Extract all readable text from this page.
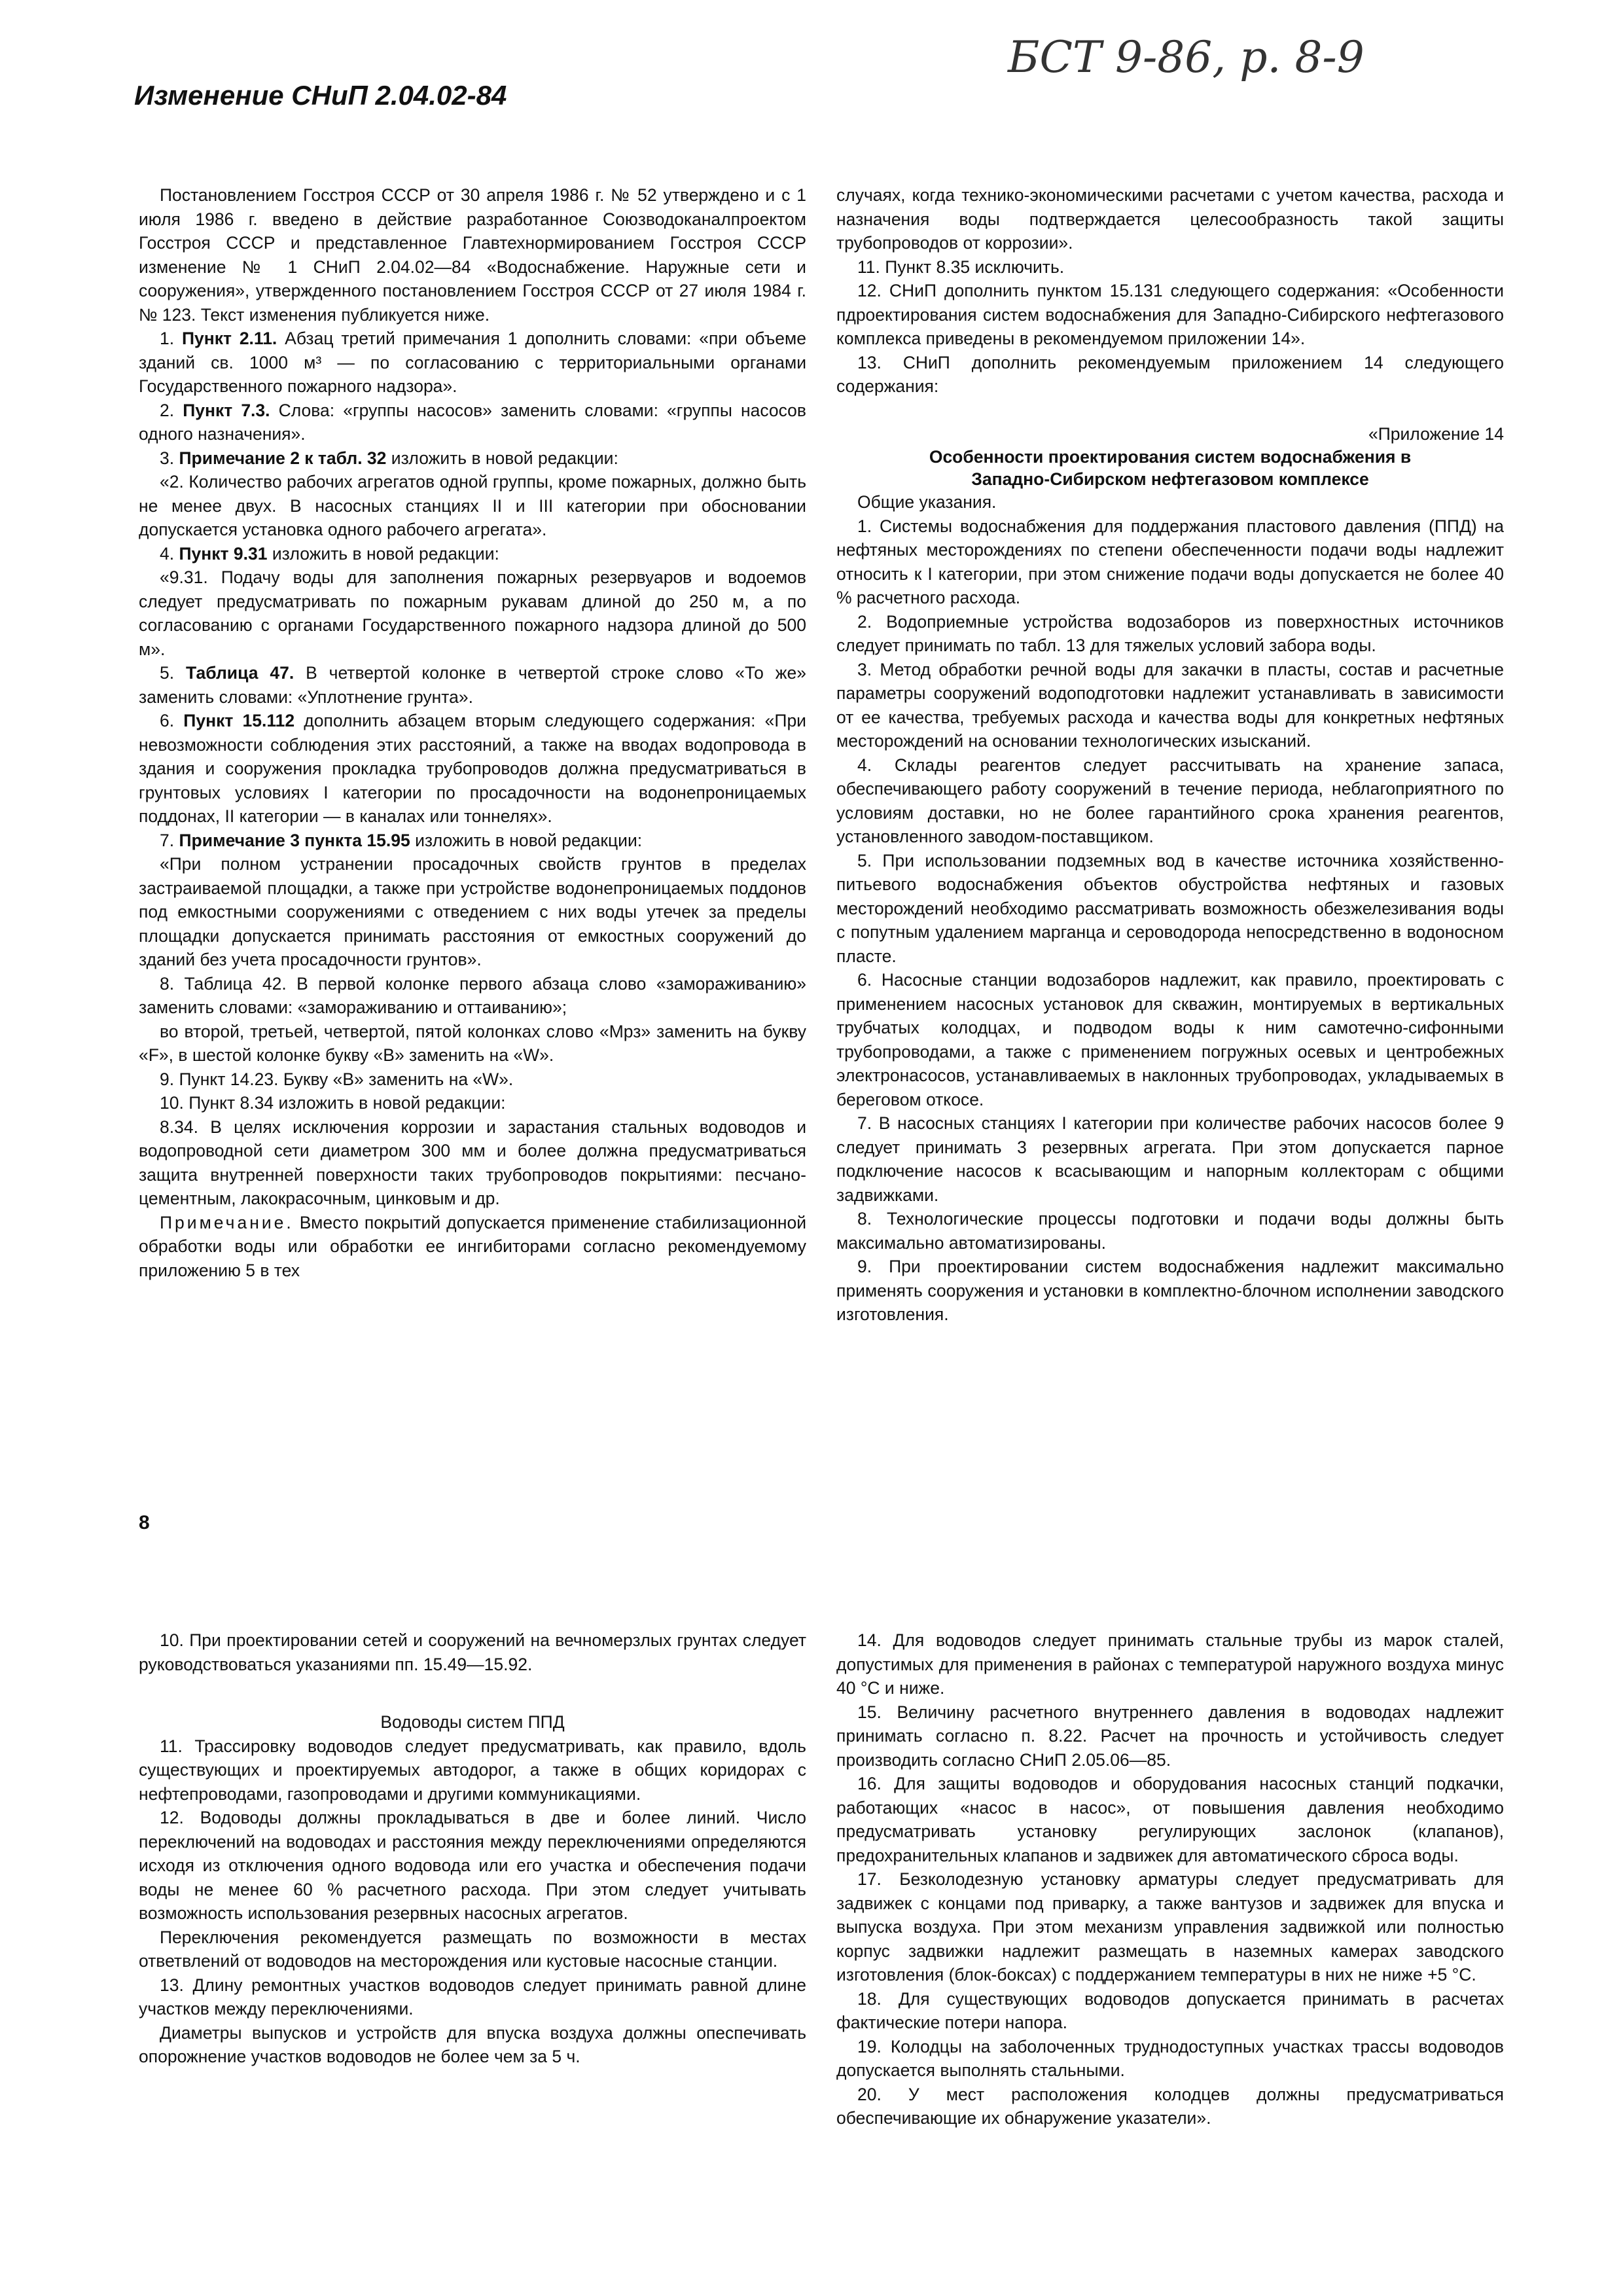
БСТ 9-86, р. 8-9
Изменение СНиП 2.04.02-84

Постановлением Госстроя СССР от 30 апреля 1986 г. № 52 утверждено и с 1 июля 1986 г. введено в действие разработанное Союзводоканалпроектом Госстроя СССР и представленное Главтехнормированием Госстроя СССР изменение № 1 СНиП 2.04.02—84 «Водоснабжение. Наружные сети и сооружения», утвержденного постановлением Госстроя СССР от 27 июля 1984 г. № 123. Текст изменения публикуется ниже.

1. Пункт 2.11. Абзац третий примечания 1 дополнить словами: «при объеме зданий св. 1000 м³ — по согласованию с территориальными органами Государственного пожарного надзора».

2. Пункт 7.3. Слова: «группы насосов» заменить словами: «группы насосов одного назначения».

3. Примечание 2 к табл. 32 изложить в новой редакции:

«2. Количество рабочих агрегатов одной группы, кроме пожарных, должно быть не менее двух. В насосных станциях II и III категории при обосновании допускается установка одного рабочего агрегата».

4. Пункт 9.31 изложить в новой редакции:

«9.31. Подачу воды для заполнения пожарных резервуаров и водоемов следует предусматривать по пожарным рукавам длиной до 250 м, а по согласованию с органами Государственного пожарного надзора длиной до 500 м».

5. Таблица 47. В четвертой колонке в четвертой строке слово «То же» заменить словами: «Уплотнение грунта».

6. Пункт 15.112 дополнить абзацем вторым следующего содержания: «При невозможности соблюдения этих расстояний, а также на вводах водопровода в здания и сооружения прокладка трубопроводов должна предусматриваться в грунтовых условиях I категории по просадочности на водонепроницаемых поддонах, II категории — в каналах или тоннелях».

7. Примечание 3 пункта 15.95 изложить в новой редакции:

«При полном устранении просадочных свойств грунтов в пределах застраиваемой площадки, а также при устройстве водонепроницаемых поддонов под емкостными сооружениями с отведением с них воды утечек за пределы площадки допускается принимать расстояния от емкостных сооружений до зданий без учета просадочности грунтов».

8. Таблица 42. В первой колонке первого абзаца слово «замораживанию» заменить словами: «замораживанию и оттаиванию»;

во второй, третьей, четвертой, пятой колонках слово «Мрз» заменить на букву «F», в шестой колонке букву «В» заменить на «W».

9. Пункт 14.23. Букву «В» заменить на «W».

10. Пункт 8.34 изложить в новой редакции:

8.34. В целях исключения коррозии и зарастания стальных водоводов и водопроводной сети диаметром 300 мм и более должна предусматриваться защита внутренней поверхности таких трубопроводов покрытиями: песчано-цементным, лакокрасочным, цинковым и др.

Примечание. Вместо покрытий допускается применение стабилизационной обработки воды или обработки ее ингибиторами согласно рекомендуемому приложению 5 в тех

случаях, когда технико-экономическими расчетами с учетом качества, расхода и назначения воды подтверждается целесообразность такой защиты трубопроводов от коррозии».

11. Пункт 8.35 исключить.

12. СНиП дополнить пунктом 15.131 следующего содержания: «Особенности пдроектирования систем водоснабжения для Западно-Сибирского нефтегазового комплекса приведены в рекомендуемом приложении 14».

13. СНиП дополнить рекомендуемым приложением 14 следующего содержания:

«Приложение 14

Особенности проектирования систем водоснабжения в

Западно-Сибирском нефтегазовом комплексе

Общие указания.

1. Системы водоснабжения для поддержания пластового давления (ППД) на нефтяных месторождениях по степени обеспеченности подачи воды надлежит относить к I категории, при этом снижение подачи воды допускается не более 40 % расчетного расхода.

2. Водоприемные устройства водозаборов из поверхностных источников следует принимать по табл. 13 для тяжелых условий забора воды.

3. Метод обработки речной воды для закачки в пласты, состав и расчетные параметры сооружений водоподготовки надлежит устанавливать в зависимости от ее качества, требуемых расхода и качества воды для конкретных нефтяных месторождений на основании технологических изысканий.

4. Склады реагентов следует рассчитывать на хранение запаса, обеспечивающего работу сооружений в течение периода, неблагоприятного по условиям доставки, но не более гарантийного срока хранения реагентов, установленного заводом-поставщиком.

5. При использовании подземных вод в качестве источника хозяйственно-питьевого водоснабжения объектов обустройства нефтяных и газовых месторождений необходимо рассматривать возможность обезжелезивания воды с попутным удалением марганца и сероводорода непосредственно в водоносном пласте.

6. Насосные станции водозаборов надлежит, как правило, проектировать с применением насосных установок для скважин, монтируемых в вертикальных трубчатых колодцах, и подводом воды к ним самотечно-сифонными трубопроводами, а также с применением погружных осевых и центробежных электронасосов, устанавливаемых в наклонных трубопроводах, укладываемых в береговом откосе.

7. В насосных станциях I категории при количестве рабочих насосов более 9 следует принимать 3 резервных агрегата. При этом допускается парное подключение насосов к всасывающим и напорным коллекторам с общими задвижками.

8. Технологические процессы подготовки и подачи воды должны быть максимально автоматизированы.

9. При проектировании систем водоснабжения надлежит максимально применять сооружения и установки в комплектно-блочном исполнении заводского изготовления.

8

10. При проектировании сетей и сооружений на вечномерзлых грунтах следует руководствоваться указаниями пп. 15.49—15.92.

Водоводы систем ППД

11. Трассировку водоводов следует предусматривать, как правило, вдоль существующих и проектируемых автодорог, а также в общих коридорах с нефтепроводами, газопроводами и другими коммуникациями.

12. Водоводы должны прокладываться в две и более линий. Число переключений на водоводах и расстояния между переключениями определяются исходя из отключения одного водовода или его участка и обеспечения подачи воды не менее 60 % расчетного расхода. При этом следует учитывать возможность использования резервных насосных агрегатов.

Переключения рекомендуется размещать по возможности в местах ответвлений от водоводов на месторождения или кустовые насосные станции.

13. Длину ремонтных участков водоводов следует принимать равной длине участков между переключениями.

Диаметры выпусков и устройств для впуска воздуха должны опеспечивать опорожнение участков водоводов не более чем за 5 ч.

14. Для водоводов следует принимать стальные трубы из марок сталей, допустимых для применения в районах с температурой наружного воздуха минус 40 °С и ниже.

15. Величину расчетного внутреннего давления в водоводах надлежит принимать согласно п. 8.22. Расчет на прочность и устойчивость следует производить согласно СНиП 2.05.06—85.

16. Для защиты водоводов и оборудования насосных станций подкачки, работающих «насос в насос», от повышения давления необходимо предусматривать установку регулирующих заслонок (клапанов), предохранительных клапанов и задвижек для автоматического сброса воды.

17. Безколодезную установку арматуры следует предусматривать для задвижек с концами под приварку, а также вантузов и задвижек для впуска и выпуска воздуха. При этом механизм управления задвижкой или полностью корпус задвижки надлежит размещать в наземных камерах заводского изготовления (блок-боксах) с поддержанием температуры в них не ниже +5 °С.

18. Для существующих водоводов допускается принимать в расчетах фактические потери напора.

19. Колодцы на заболоченных труднодоступных участках трассы водоводов допускается выполнять стальными.

20. У мест расположения колодцев должны предусматриваться обеспечивающие их обнаружение указатели».
